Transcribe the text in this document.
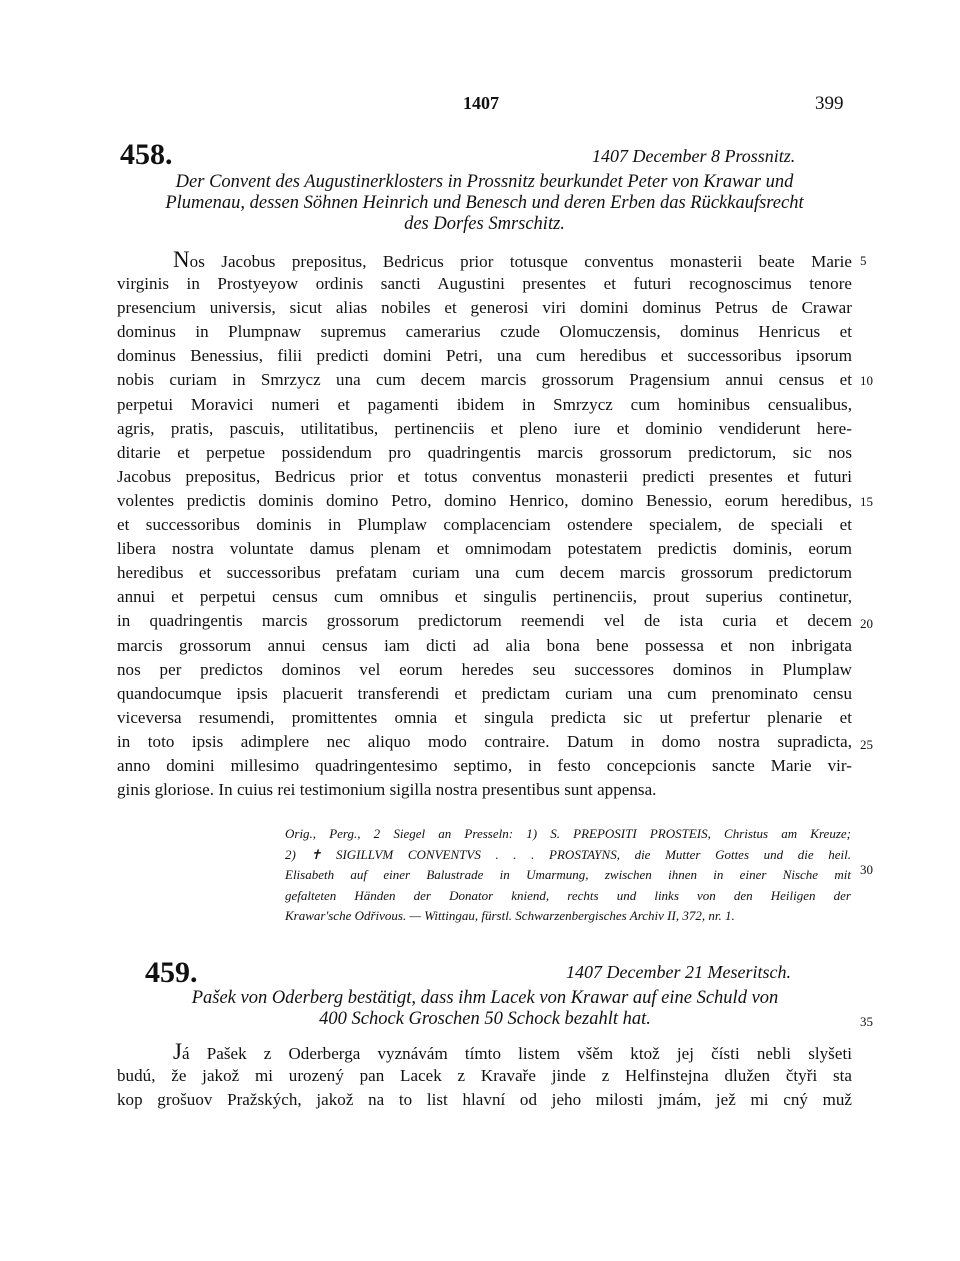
1407	399
458.	1407 December 8 Prossnitz.
Der Convent des Augustinerklosters in Prossnitz beurkundet Peter von Krawar und
Plumenau, dessen Söhnen Heinrich und Benesch und deren Erben das Rückkaufsrecht
des Dorfes Smrschitz.
Nos Jacobus prepositus, Bedricus prior totusque conventus monasterii beate Marie
virginis in Prostyeyow ordinis sancti Augustini presentes et futuri recognoscimus tenore
presencium universis, sicut alias nobiles et generosi viri domini dominus Petrus de Crawar
dominus in Plumpnaw supremus camerarius czude Olomuczensis, dominus Henricus et
dominus Benessius, filii predicti domini Petri, una cum heredibus et successoribus ipsorum
nobis curiam in Smrzycz una cum decem marcis grossorum Pragensium annui census et
perpetui Moravici numeri et pagamenti ibidem in Smrzycz cum hominibus censualibus,
agris, pratis, pascuis, utilitatibus, pertinenciis et pleno iure et dominio vendiderunt here-
ditarie et perpetue possidendum pro quadringentis marcis grossorum predictorum, sic nos
Jacobus prepositus, Bedricus prior et totus conventus monasterii predicti presentes et futuri
volentes predictis dominis domino Petro, domino Henrico, domino Benessio, eorum heredibus,
et successoribus dominis in Plumplaw complacenciam ostendere specialem, de speciali et
libera nostra voluntate damus plenam et omnimodam potestatem predictis dominis, eorum
heredibus et successoribus prefatam curiam una cum decem marcis grossorum predictorum
annui et perpetui census cum omnibus et singulis pertinenciis, prout superius continetur,
in quadringentis marcis grossorum predictorum reemendi vel de ista curia et decem
marcis grossorum annui census iam dicti ad alia bona bene possessa et non inbrigata
nos per predictos dominos vel eorum heredes seu successores dominos in Plumplaw
quandocumque ipsis placuerit transferendi et predictam curiam una cum prenominato censu
viceversa resumendi, promittentes omnia et singula predicta sic ut prefertur plenarie et
in toto ipsis adimplere nec aliquo modo contraire. Datum in domo nostra supradicta,
anno domini millesimo quadringentesimo septimo, in festo concepcionis sancte Marie vir-
ginis gloriose. In cuius rei testimonium sigilla nostra presentibus sunt appensa.
Orig., Perg., 2 Siegel an Presseln: 1) S. PREPOSITI PROSTEIS, Christus am Kreuze;
2) ✝ SIGILLVM CONVENTVS . . . PROSTAYNS, die Mutter Gottes und die heil.
Elisabeth auf einer Balustrade in Umarmung, zwischen ihnen in einer Nische mit
gefalteten Händen der Donator kniend, rechts und links von den Heiligen der
Krawar'sche Odřivous. — Wittingau, fürstl. Schwarzenbergisches Archiv II, 372, nr. 1.
459.	1407 December 21 Meseritsch.
Pašek von Oderberg bestätigt, dass ihm Lacek von Krawar auf eine Schuld von
400 Schock Groschen 50 Schock bezahlt hat.
Já Pašek z Oderberga vyznávám tímto listem všěm ktož jej čísti nebli slyšeti
budú, že jakož mi urozený pan Lacek z Kravaře jinde z Helfinstejna dlužen čtyři sta
kop grošuov Pražských, jakož na to list hlavní od jeho milosti jmám, jež mi cný muž
5
10
15
20
25
30
35
